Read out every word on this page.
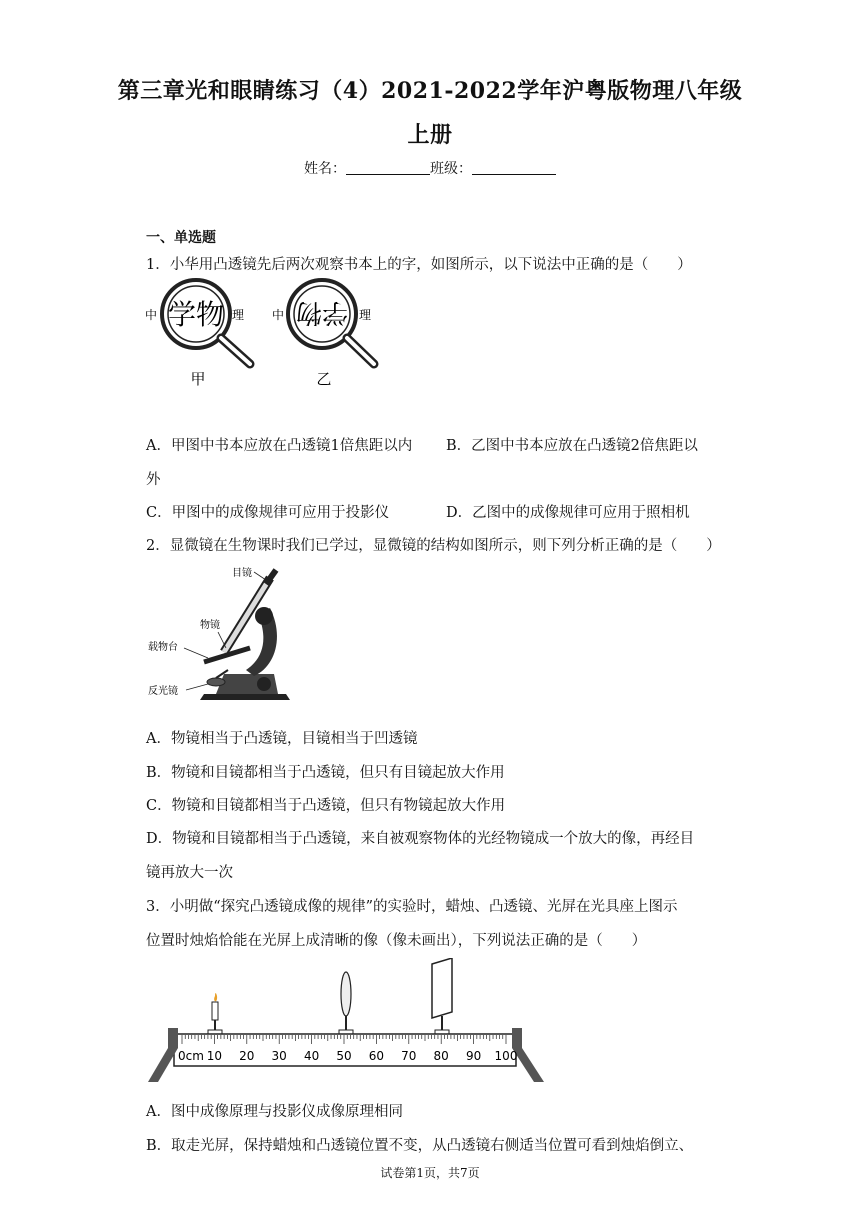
第三章光和眼睛练习（4）2021-2022学年沪粤版物理八年级
上册
姓名：	班级：
一、单选题
1．小华用凸透镜先后两次观察书本上的字，如图所示，以下说法中正确的是（　　）
中	理
学物
甲
中	理
学物
乙
A．甲图中书本应放在凸透镜1倍焦距以内 B．乙图中书本应放在凸透镜2倍焦距以
外
C．甲图中的成像规律可应用于投影仪	D．乙图中的成像规律可应用于照相机
2．显微镜在生物课时我们已学过，显微镜的结构如图所示，则下列分析正确的是（　　）
目镜
物镜
载物台
反光镜
A．物镜相当于凸透镜，目镜相当于凹透镜
B．物镜和目镜都相当于凸透镜，但只有目镜起放大作用
C．物镜和目镜都相当于凸透镜，但只有物镜起放大作用
D．物镜和目镜都相当于凸透镜，来自被观察物体的光经物镜成一个放大的像，再经目
镜再放大一次
3．小明做“探究凸透镜成像的规律”的实验时，蜡烛、凸透镜、光屏在光具座上图示
位置时烛焰恰能在光屏上成清晰的像（像未画出），下列说法正确的是（　　）
0cm 10 20 30 40 50 60 70 80 90 100
A．图中成像原理与投影仪成像原理相同
B．取走光屏，保持蜡烛和凸透镜位置不变，从凸透镜右侧适当位置可看到烛焰倒立、
试卷第1页，共7页
